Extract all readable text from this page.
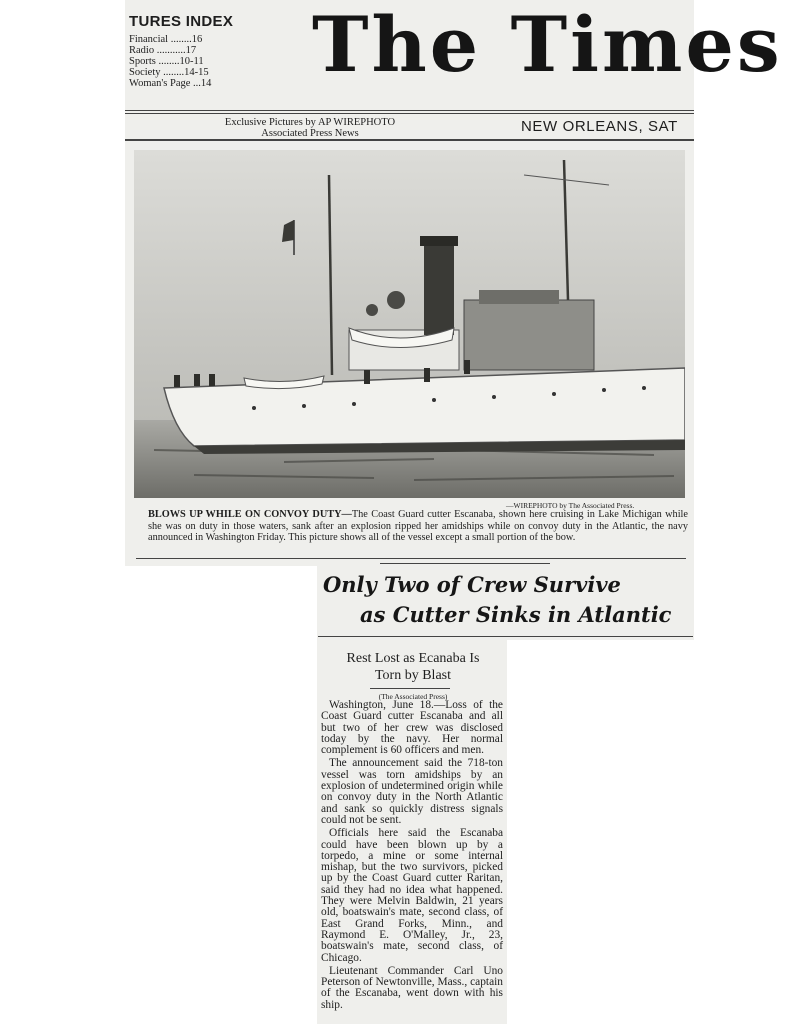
TURES INDEX
Financial ........16
Radio ...........17
Sports ........10-11
Society ........14-15
Woman's Page ...14 The Times
Exclusive Pictures by AP WIREPHOTO
Associated Press News	NEW ORLEANS, SAT
—WIREPHOTO by The Associated Press.
BLOWS UP WHILE ON CONVOY DUTY—The Coast Guard cutter Escanaba, shown here cruising in Lake Michigan while she was on duty in those waters, sank after an explosion ripped her amidships while on convoy duty in the Atlantic, the navy announced in Washington Friday. This picture shows all of the vessel except a small portion of the bow.
Only Two of Crew Survive
as Cutter Sinks in Atlantic
Rest Lost as Ecanaba Is
Torn by Blast
(The Associated Press)

Washington, June 18.—Loss of the Coast Guard cutter Escanaba and all but two of her crew was disclosed today by the navy. Her normal complement is 60 officers and men.

The announcement said the 718-ton vessel was torn amidships by an explosion of undetermined origin while on convoy duty in the North Atlantic and sank so quickly distress signals could not be sent.

Officials here said the Escanaba could have been blown up by a torpedo, a mine or some internal mishap, but the two survivors, picked up by the Coast Guard cutter Raritan, said they had no idea what happened. They were Melvin Baldwin, 21 years old, boatswain's mate, second class, of East Grand Forks, Minn., and Raymond E. O'Malley, Jr., 23, boatswain's mate, second class, of Chicago.

Lieutenant Commander Carl Uno Peterson of Newtonville, Mass., captain of the Escanaba, went down with his ship.
